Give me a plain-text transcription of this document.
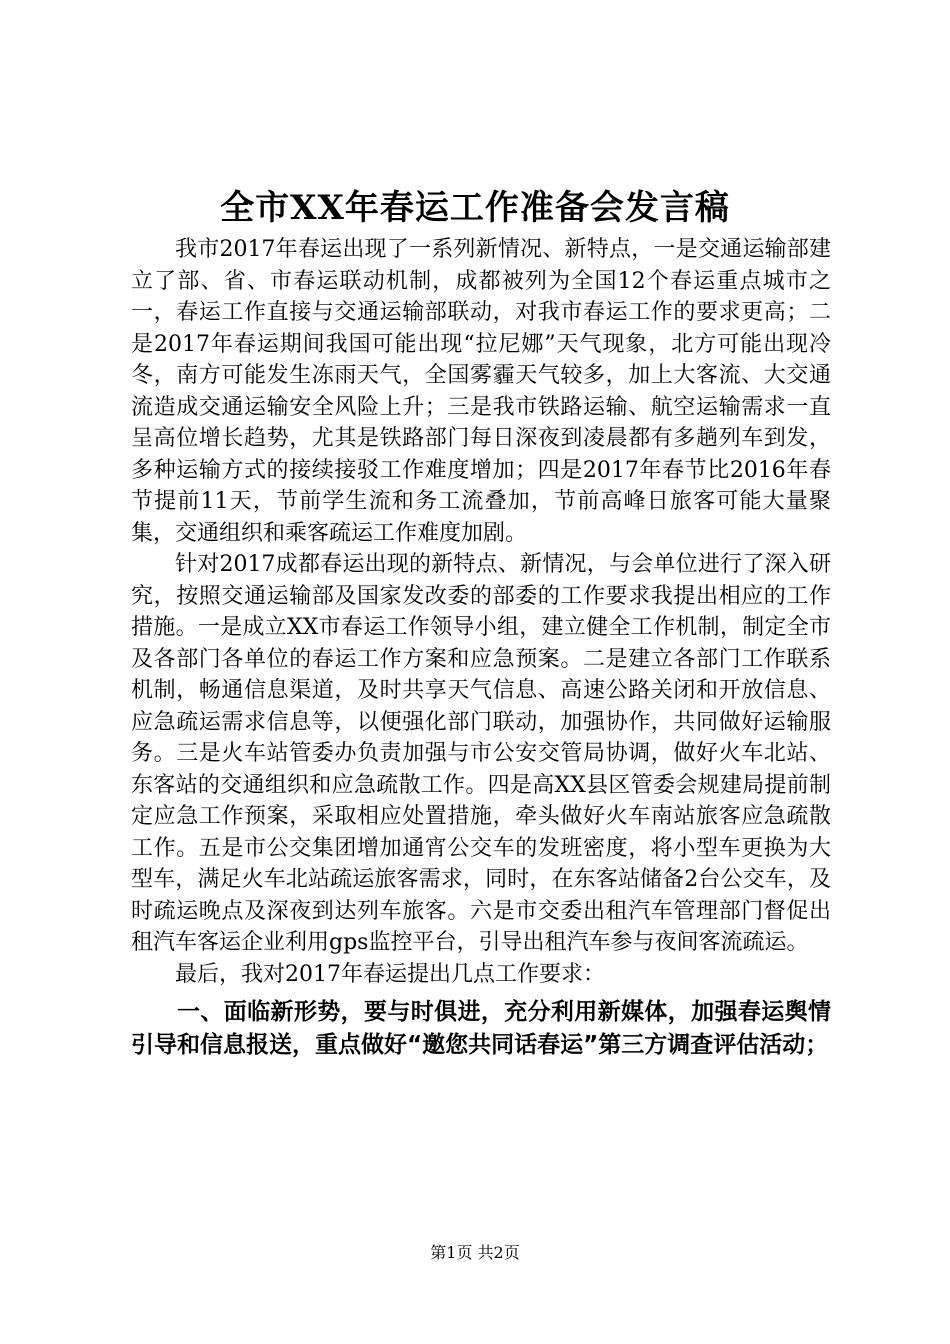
全市XX年春运工作准备会发言稿

我市2017年春运出现了一系列新情况、新特点，一是交通运输部建立了部、省、市春运联动机制，成都被列为全国12个春运重点城市之一，春运工作直接与交通运输部联动，对我市春运工作的要求更高；二是2017年春运期间我国可能出现“拉尼娜”天气现象，北方可能出现冷冬，南方可能发生冻雨天气，全国雾霾天气较多，加上大客流、大交通流造成交通运输安全风险上升；三是我市铁路运输、航空运输需求一直呈高位增长趋势，尤其是铁路部门每日深夜到凌晨都有多趟列车到发，多种运输方式的接续接驳工作难度增加；四是2017年春节比2016年春节提前11天，节前学生流和务工流叠加，节前高峰日旅客可能大量聚集，交通组织和乘客疏运工作难度加剧。

针对2017成都春运出现的新特点、新情况，与会单位进行了深入研究，按照交通运输部及国家发改委的部委的工作要求我提出相应的工作措施。一是成立XX市春运工作领导小组，建立健全工作机制，制定全市及各部门各单位的春运工作方案和应急预案。二是建立各部门工作联系机制，畅通信息渠道，及时共享天气信息、高速公路关闭和开放信息、应急疏运需求信息等，以便强化部门联动，加强协作，共同做好运输服务。三是火车站管委办负责加强与市公安交管局协调，做好火车北站、东客站的交通组织和应急疏散工作。四是高XX县区管委会规建局提前制定应急工作预案，采取相应处置措施，牵头做好火车南站旅客应急疏散工作。五是市公交集团增加通宵公交车的发班密度，将小型车更换为大型车，满足火车北站疏运旅客需求，同时，在东客站储备2台公交车，及时疏运晚点及深夜到达列车旅客。六是市交委出租汽车管理部门督促出租汽车客运企业利用gps监控平台，引导出租汽车参与夜间客流疏运。

最后，我对2017年春运提出几点工作要求：

一、面临新形势，要与时俱进，充分利用新媒体，加强春运舆情引导和信息报送，重点做好“邀您共同话春运”第三方调查评估活动；

第1页 共2页
